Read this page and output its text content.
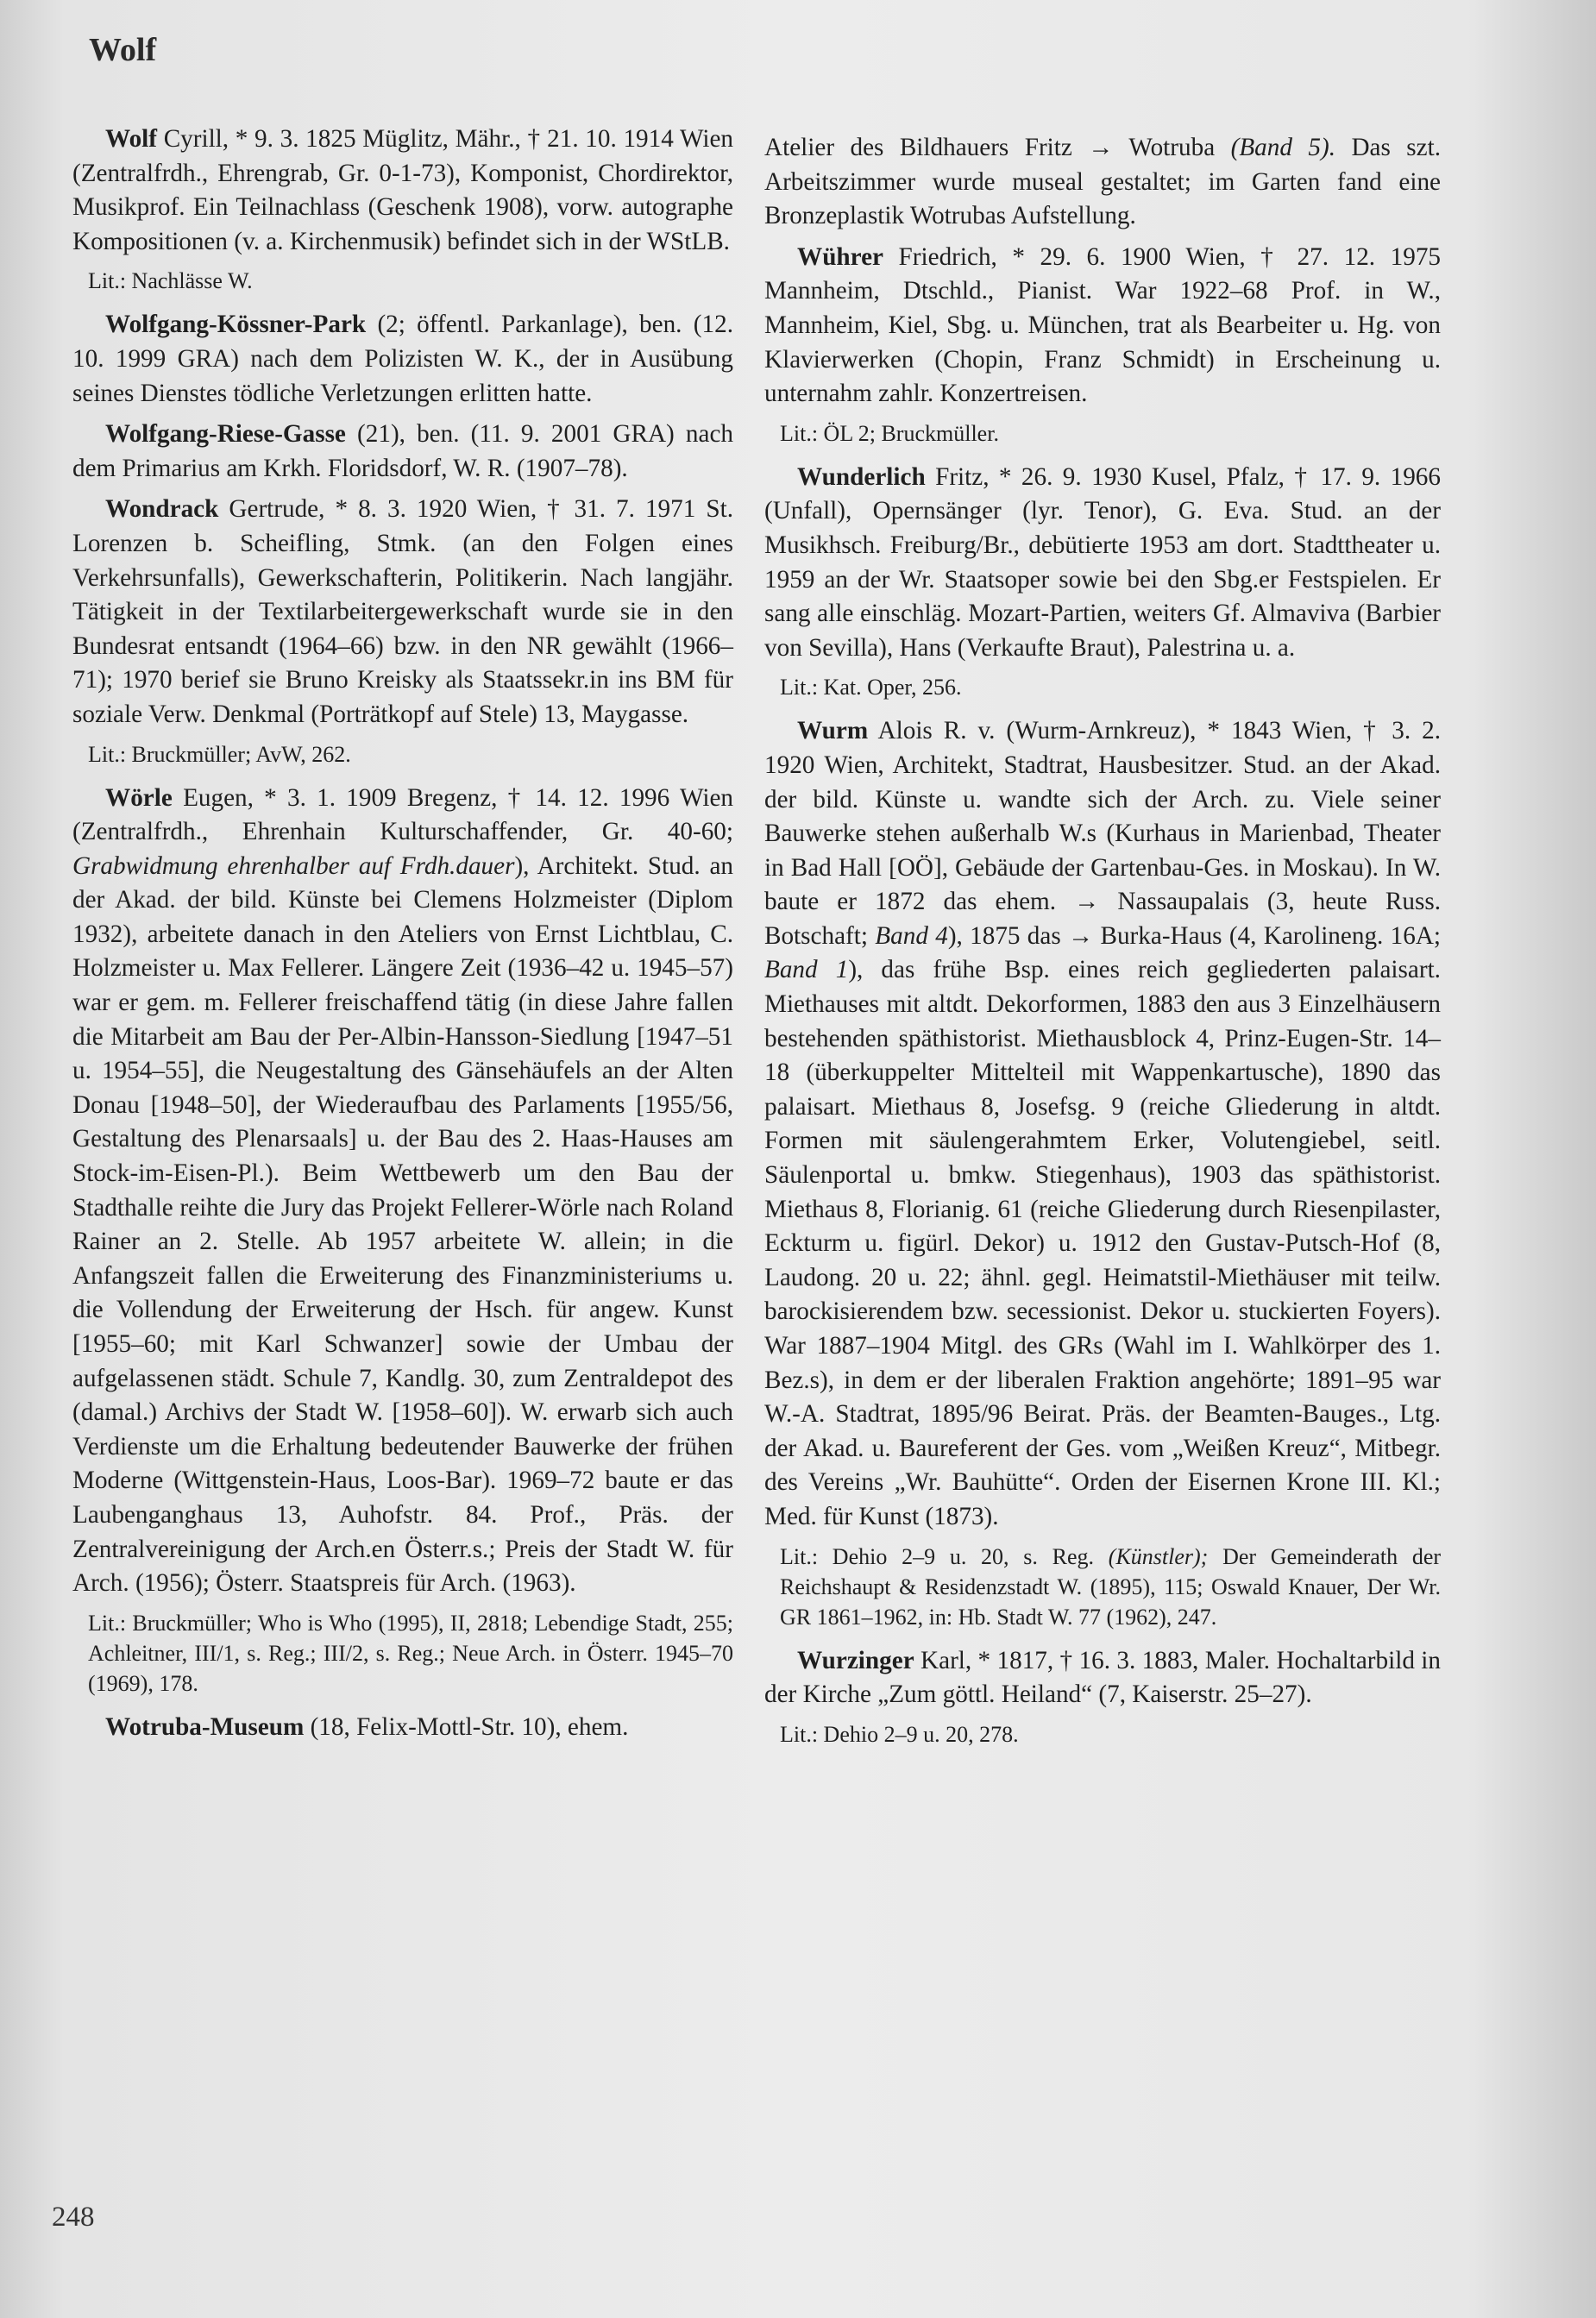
Wolf

Wolf Cyrill, * 9. 3. 1825 Müglitz, Mähr., † 21. 10. 1914 Wien (Zentralfrdh., Ehrengrab, Gr. 0-1-73), Komponist, Chordirektor, Musikprof. Ein Teilnachlass (Geschenk 1908), vorw. autographe Kompositionen (v. a. Kirchenmusik) befindet sich in der WStLB.

Lit.: Nachlässe W.

Wolfgang-Kössner-Park (2; öffentl. Parkanlage), ben. (12. 10. 1999 GRA) nach dem Polizisten W. K., der in Ausübung seines Dienstes tödliche Verletzungen erlitten hatte.

Wolfgang-Riese-Gasse (21), ben. (11. 9. 2001 GRA) nach dem Primarius am Krkh. Floridsdorf, W. R. (1907–78).

Wondrack Gertrude, * 8. 3. 1920 Wien, † 31. 7. 1971 St. Lorenzen b. Scheifling, Stmk. (an den Folgen eines Verkehrsunfalls), Gewerkschafterin, Politikerin. Nach langjähr. Tätigkeit in der Textilarbeitergewerkschaft wurde sie in den Bundesrat entsandt (1964–66) bzw. in den NR gewählt (1966–71); 1970 berief sie Bruno Kreisky als Staatssekr.in ins BM für soziale Verw. Denkmal (Porträtkopf auf Stele) 13, Maygasse.

Lit.: Bruckmüller; AvW, 262.

Wörle Eugen, * 3. 1. 1909 Bregenz, † 14. 12. 1996 Wien (Zentralfrdh., Ehrenhain Kulturschaffender, Gr. 40-60; Grabwidmung ehrenhalber auf Frdh.dauer), Architekt. Stud. an der Akad. der bild. Künste bei Clemens Holzmeister (Diplom 1932), arbeitete danach in den Ateliers von Ernst Lichtblau, C. Holzmeister u. Max Fellerer. Längere Zeit (1936–42 u. 1945–57) war er gem. m. Fellerer freischaffend tätig (in diese Jahre fallen die Mitarbeit am Bau der Per-Albin-Hansson-Siedlung [1947–51 u. 1954–55], die Neugestaltung des Gänsehäufels an der Alten Donau [1948–50], der Wiederaufbau des Parlaments [1955/56, Gestaltung des Plenarsaals] u. der Bau des 2. Haas-Hauses am Stock-im-Eisen-Pl.). Beim Wettbewerb um den Bau der Stadthalle reihte die Jury das Projekt Fellerer-Wörle nach Roland Rainer an 2. Stelle. Ab 1957 arbeitete W. allein; in die Anfangszeit fallen die Erweiterung des Finanzministeriums u. die Vollendung der Erweiterung der Hsch. für angew. Kunst [1955–60; mit Karl Schwanzer] sowie der Umbau der aufgelassenen städt. Schule 7, Kandlg. 30, zum Zentraldepot des (damal.) Archivs der Stadt W. [1958–60]). W. erwarb sich auch Verdienste um die Erhaltung bedeutender Bauwerke der frühen Moderne (Wittgenstein-Haus, Loos-Bar). 1969–72 baute er das Laubenganghaus 13, Auhofstr. 84. Prof., Präs. der Zentralvereinigung der Arch.en Österr.s.; Preis der Stadt W. für Arch. (1956); Österr. Staatspreis für Arch. (1963).

Lit.: Bruckmüller; Who is Who (1995), II, 2818; Lebendige Stadt, 255; Achleitner, III/1, s. Reg.; III/2, s. Reg.; Neue Arch. in Österr. 1945–70 (1969), 178.

Wotruba-Museum (18, Felix-Mottl-Str. 10), ehem.

Atelier des Bildhauers Fritz → Wotruba (Band 5). Das szt. Arbeitszimmer wurde museal gestaltet; im Garten fand eine Bronzeplastik Wotrubas Aufstellung.

Wührer Friedrich, * 29. 6. 1900 Wien, † 27. 12. 1975 Mannheim, Dtschld., Pianist. War 1922–68 Prof. in W., Mannheim, Kiel, Sbg. u. München, trat als Bearbeiter u. Hg. von Klavierwerken (Chopin, Franz Schmidt) in Erscheinung u. unternahm zahlr. Konzertreisen.

Lit.: ÖL 2; Bruckmüller.

Wunderlich Fritz, * 26. 9. 1930 Kusel, Pfalz, † 17. 9. 1966 (Unfall), Opernsänger (lyr. Tenor), G. Eva. Stud. an der Musikhsch. Freiburg/Br., debütierte 1953 am dort. Stadttheater u. 1959 an der Wr. Staatsoper sowie bei den Sbg.er Festspielen. Er sang alle einschläg. Mozart-Partien, weiters Gf. Almaviva (Barbier von Sevilla), Hans (Verkaufte Braut), Palestrina u. a.

Lit.: Kat. Oper, 256.

Wurm Alois R. v. (Wurm-Arnkreuz), * 1843 Wien, † 3. 2. 1920 Wien, Architekt, Stadtrat, Hausbesitzer. Stud. an der Akad. der bild. Künste u. wandte sich der Arch. zu. Viele seiner Bauwerke stehen außerhalb W.s (Kurhaus in Marienbad, Theater in Bad Hall [OÖ], Gebäude der Gartenbau-Ges. in Moskau). In W. baute er 1872 das ehem. → Nassaupalais (3, heute Russ. Botschaft; Band 4), 1875 das → Burka-Haus (4, Karolineng. 16A; Band 1), das frühe Bsp. eines reich gegliederten palaisart. Miethauses mit altdt. Dekorformen, 1883 den aus 3 Einzelhäusern bestehenden späthistorist. Miethausblock 4, Prinz-Eugen-Str. 14–18 (überkuppelter Mittelteil mit Wappenkartusche), 1890 das palaisart. Miethaus 8, Josefsg. 9 (reiche Gliederung in altdt. Formen mit säulengerahmtem Erker, Volutengiebel, seitl. Säulenportal u. bmkw. Stiegenhaus), 1903 das späthistorist. Miethaus 8, Florianig. 61 (reiche Gliederung durch Riesenpilaster, Eckturm u. figürl. Dekor) u. 1912 den Gustav-Putsch-Hof (8, Laudong. 20 u. 22; ähnl. gegl. Heimatstil-Miethäuser mit teilw. barockisierendem bzw. secessionist. Dekor u. stuckierten Foyers). War 1887–1904 Mitgl. des GRs (Wahl im I. Wahlkörper des 1. Bez.s), in dem er der liberalen Fraktion angehörte; 1891–95 war W.-A. Stadtrat, 1895/96 Beirat. Präs. der Beamten-Bauges., Ltg. der Akad. u. Baureferent der Ges. vom „Weißen Kreuz“, Mitbegr. des Vereins „Wr. Bauhütte“. Orden der Eisernen Krone III. Kl.; Med. für Kunst (1873).

Lit.: Dehio 2–9 u. 20, s. Reg. (Künstler); Der Gemeinderath der Reichshaupt & Residenzstadt W. (1895), 115; Oswald Knauer, Der Wr. GR 1861–1962, in: Hb. Stadt W. 77 (1962), 247.

Wurzinger Karl, * 1817, † 16. 3. 1883, Maler. Hochaltarbild in der Kirche „Zum göttl. Heiland“ (7, Kaiserstr. 25–27).

Lit.: Dehio 2–9 u. 20, 278.

248
